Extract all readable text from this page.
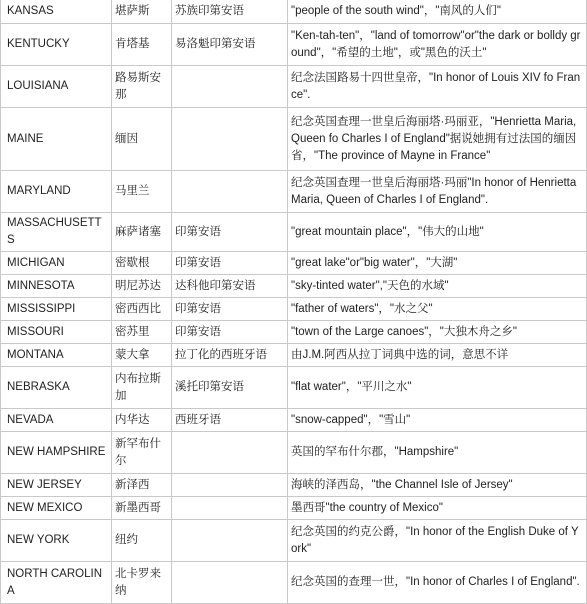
KANSAS	堪萨斯	苏族印第安语	"people of the south wind"，"南风的人们"
KENTUCKY	肯塔基	易洛魁印第安语	"Ken-tah-ten"，"land of tomorrow"or"the dark or bolldy ground"，"希望的土地"，或"黑色的沃土"
LOUISIANA	路易斯安那		纪念法国路易十四世皇帝，"In honor of Louis XIV fo France".
MAINE	缅因		纪念英国查理一世皇后海丽塔·玛丽亚，"Henrietta Maria, Queen fo Charles I of England"据说她拥有过法国的缅因省，"The province of Mayne in France"
MARYLAND	马里兰		纪念英国查理一世皇后海丽塔·玛丽"In honor of Henrietta Maria, Queen of Charles I of England".
MASSACHUSETTS	麻萨诸塞	印第安语	"great mountain place"，"伟大的山地"
MICHIGAN	密歇根	印第安语	"great lake"or"big water"，"大湖"
MINNESOTA	明尼苏达	达科他印第安语	"sky-tinted water","天色的水域"
MISSISSIPPI	密西西比	印第安语	"father of waters"，"水之父"
MISSOURI	密苏里	印第安语	"town of the Large canoes"，"大独木舟之乡"
MONTANA	蒙大拿	拉丁化的西班牙语	由J.M.阿西从拉丁词典中选的词，意思不详
NEBRASKA	内布拉斯加	溪托印第安语	"flat water"，"平川之水"
NEVADA	内华达	西班牙语	"snow-capped"，"雪山"
NEW HAMPSHIRE	新罕布什尔		英国的罕布什尔郡，"Hampshire"
NEW JERSEY	新泽西		海峡的泽西岛，"the Channel Isle of Jersey"
NEW MEXICO	新墨西哥		墨西哥"the country of Mexico"
NEW YORK	纽约		纪念英国的约克公爵，"In honor of the English Duke of York"
NORTH CAROLINA	北卡罗来纳		纪念英国的查理一世，"In honor of Charles I of England".
